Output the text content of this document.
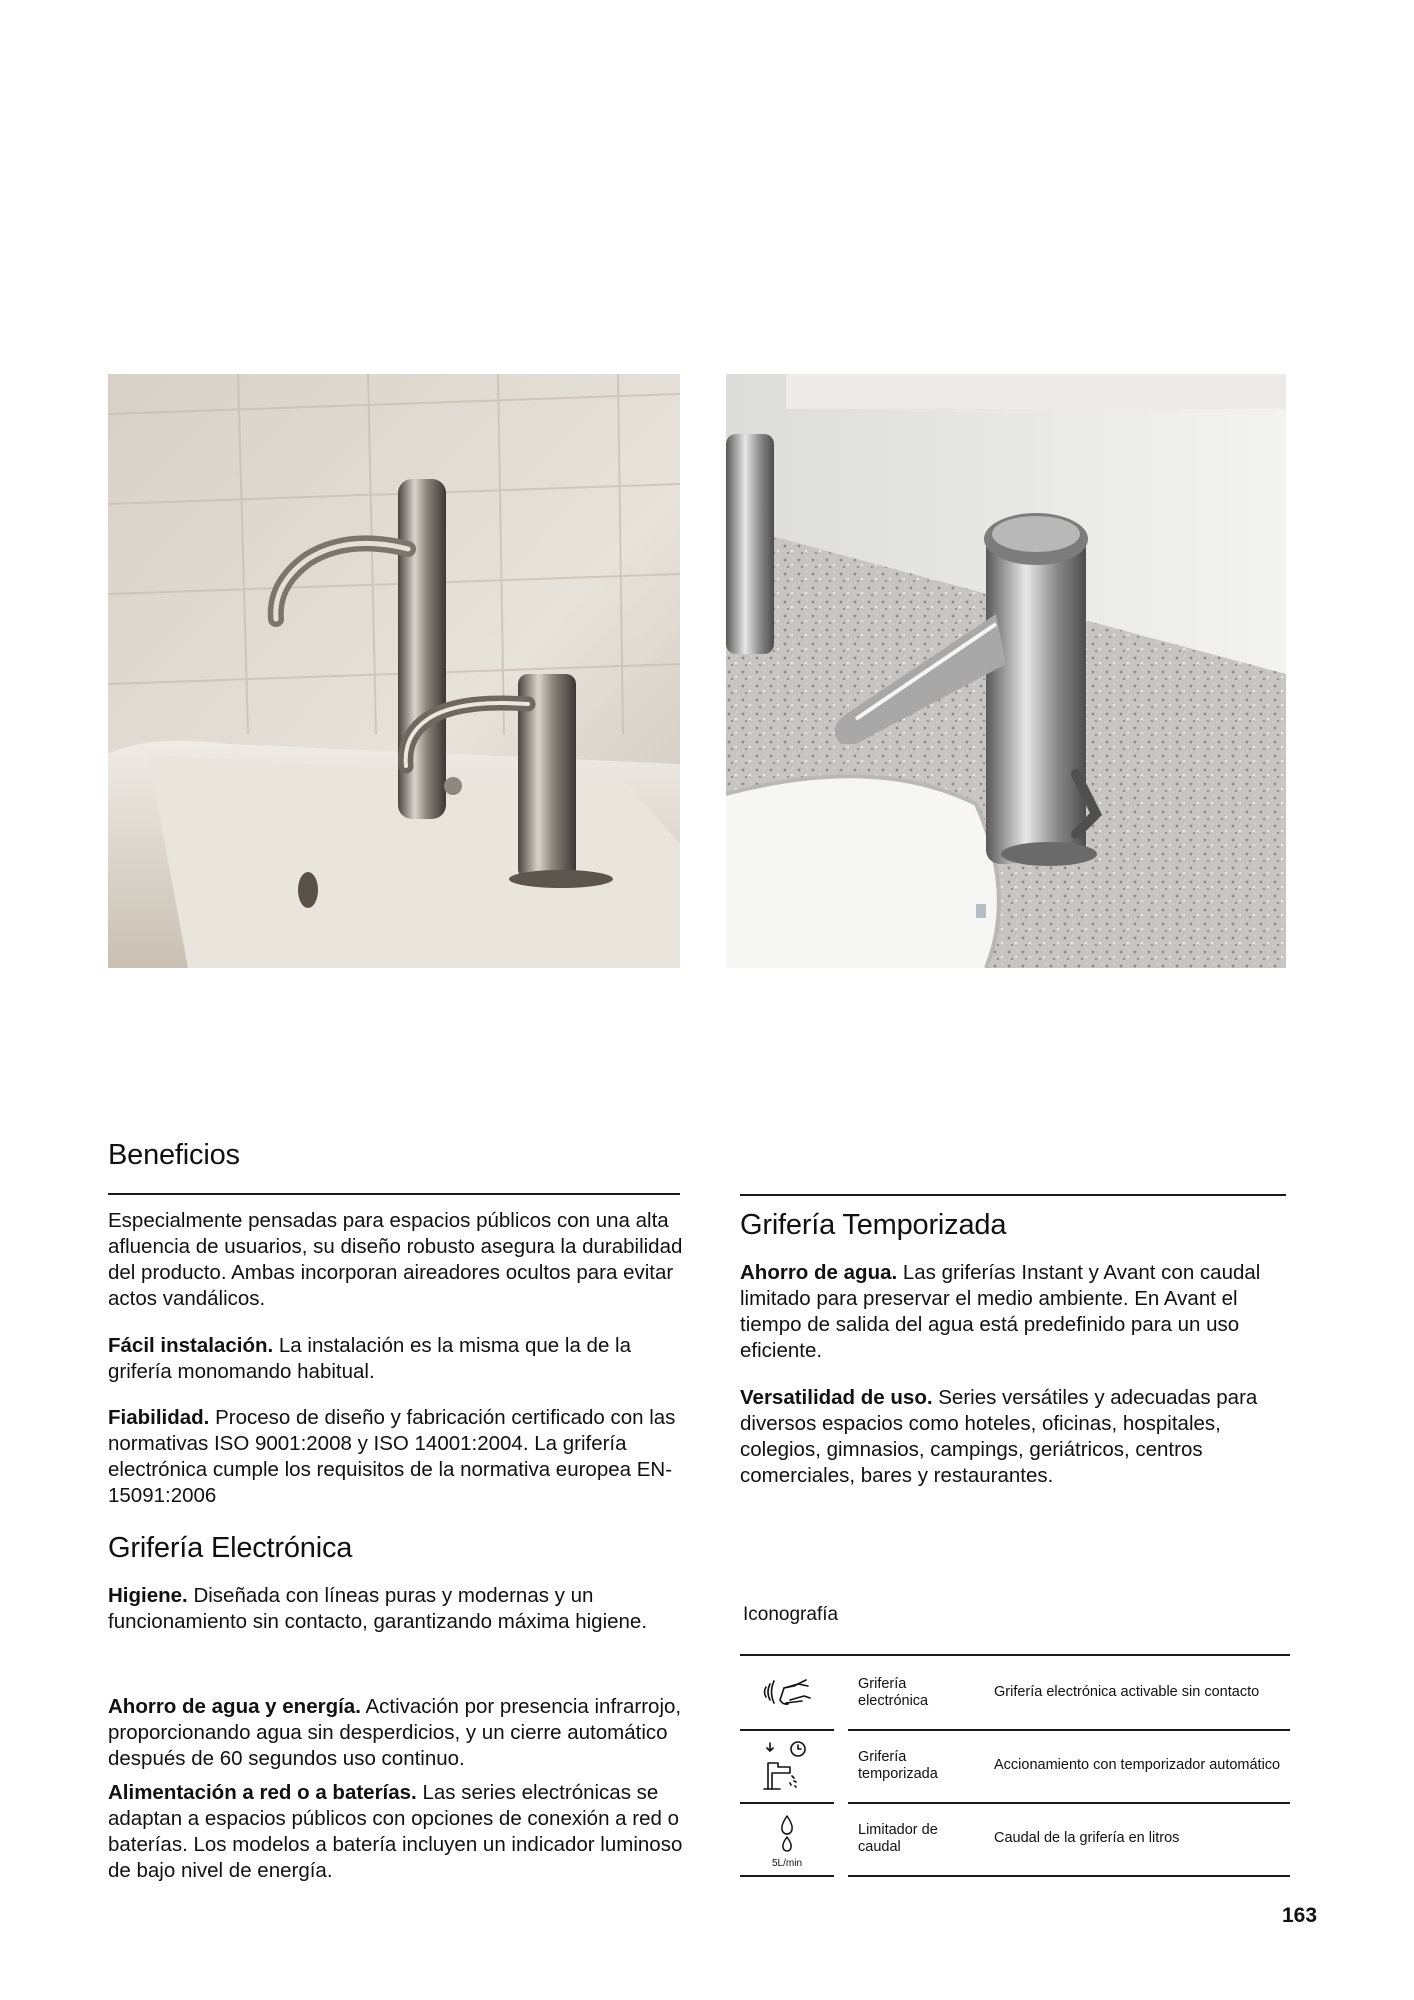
Beneficios

Especialmente pensadas para espacios públicos con una alta afluencia de usuarios, su diseño robusto asegura la durabilidad del producto. Ambas incorporan aireadores ocultos para evitar actos vandálicos.

Fácil instalación. La instalación es la misma que la de la grifería monomando habitual.

Fiabilidad. Proceso de diseño y fabricación certificado con las normativas ISO 9001:2008 y ISO 14001:2004. La grifería electrónica cumple los requisitos de la normativa europea EN-15091:2006

Grifería Electrónica

Higiene. Diseñada con líneas puras y modernas y un funcionamiento sin contacto, garantizando máxima higiene.

Ahorro de agua y energía. Activación por presencia infrarrojo, proporcionando agua sin desperdicios, y un cierre automático después de 60 segundos uso continuo.

Alimentación a red o a baterías. Las series electrónicas se adaptan a espacios públicos con opciones de conexión a red o baterías. Los modelos a batería incluyen un indicador luminoso de bajo nivel de energía.

Grifería Temporizada

Ahorro de agua. Las griferías Instant y Avant con caudal limitado para preservar el medio ambiente. En Avant el tiempo de salida del agua está predefinido para un uso eficiente.

Versatilidad de uso. Series versátiles y adecuadas para diversos espacios como hoteles, oficinas, hospitales, colegios, gimnasios, campings, geriátricos, centros comerciales, bares y restaurantes.

Iconografía
Grifería electrónica
Grifería electrónica activable sin contacto
Grifería temporizada
Accionamiento con temporizador automático
5L/min
Limitador de caudal
Caudal de la grifería en litros
163
